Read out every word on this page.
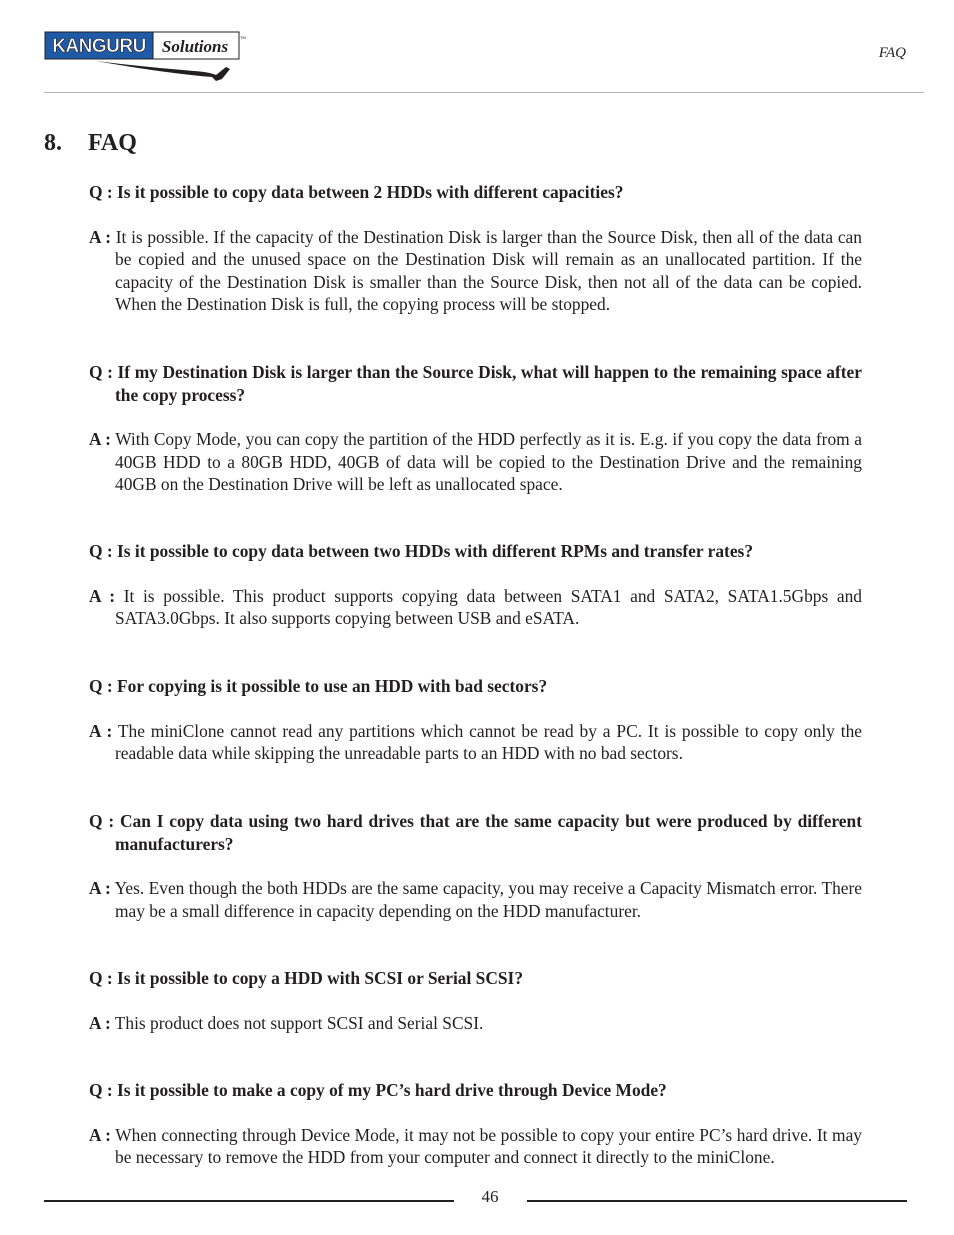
KANGURU Solutions	TM
FAQ
8. FAQ
Q : Is it possible to copy data between 2 HDDs with different capacities?
A : It is possible. If the capacity of the Destination Disk is larger than the Source Disk, then all of the data can be copied and the unused space on the Destination Disk will remain as an unallocated partition. If the capacity of the Destination Disk is smaller than the Source Disk, then not all of the data can be copied. When the Destination Disk is full, the copying process will be stopped.
Q : If my Destination Disk is larger than the Source Disk, what will happen to the remaining space after the copy process?
A : With Copy Mode, you can copy the partition of the HDD perfectly as it is. E.g. if you copy the data from a 40GB HDD to a 80GB HDD, 40GB of data will be copied to the Destination Drive and the remaining 40GB on the Destination Drive will be left as unallocated space.
Q : Is it possible to copy data between two HDDs with different RPMs and transfer rates?
A : It is possible. This product supports copying data between SATA1 and SATA2, SATA1.5Gbps and SATA3.0Gbps. It also supports copying between USB and eSATA.
Q : For copying is it possible to use an HDD with bad sectors?
A : The miniClone cannot read any partitions which cannot be read by a PC. It is possible to copy only the readable data while skipping the unreadable parts to an HDD with no bad sectors.
Q : Can I copy data using two hard drives that are the same capacity but were produced by different manufacturers?
A : Yes. Even though the both HDDs are the same capacity, you may receive a Capacity Mismatch error. There may be a small difference in capacity depending on the HDD manufacturer.
Q : Is it possible to copy a HDD with SCSI or Serial SCSI?
A : This product does not support SCSI and Serial SCSI.
Q : Is it possible to make a copy of my PC’s hard drive through Device Mode?
A : When connecting through Device Mode, it may not be possible to copy your entire PC’s hard drive. It may be necessary to remove the HDD from your computer and connect it directly to the miniClone.
46
